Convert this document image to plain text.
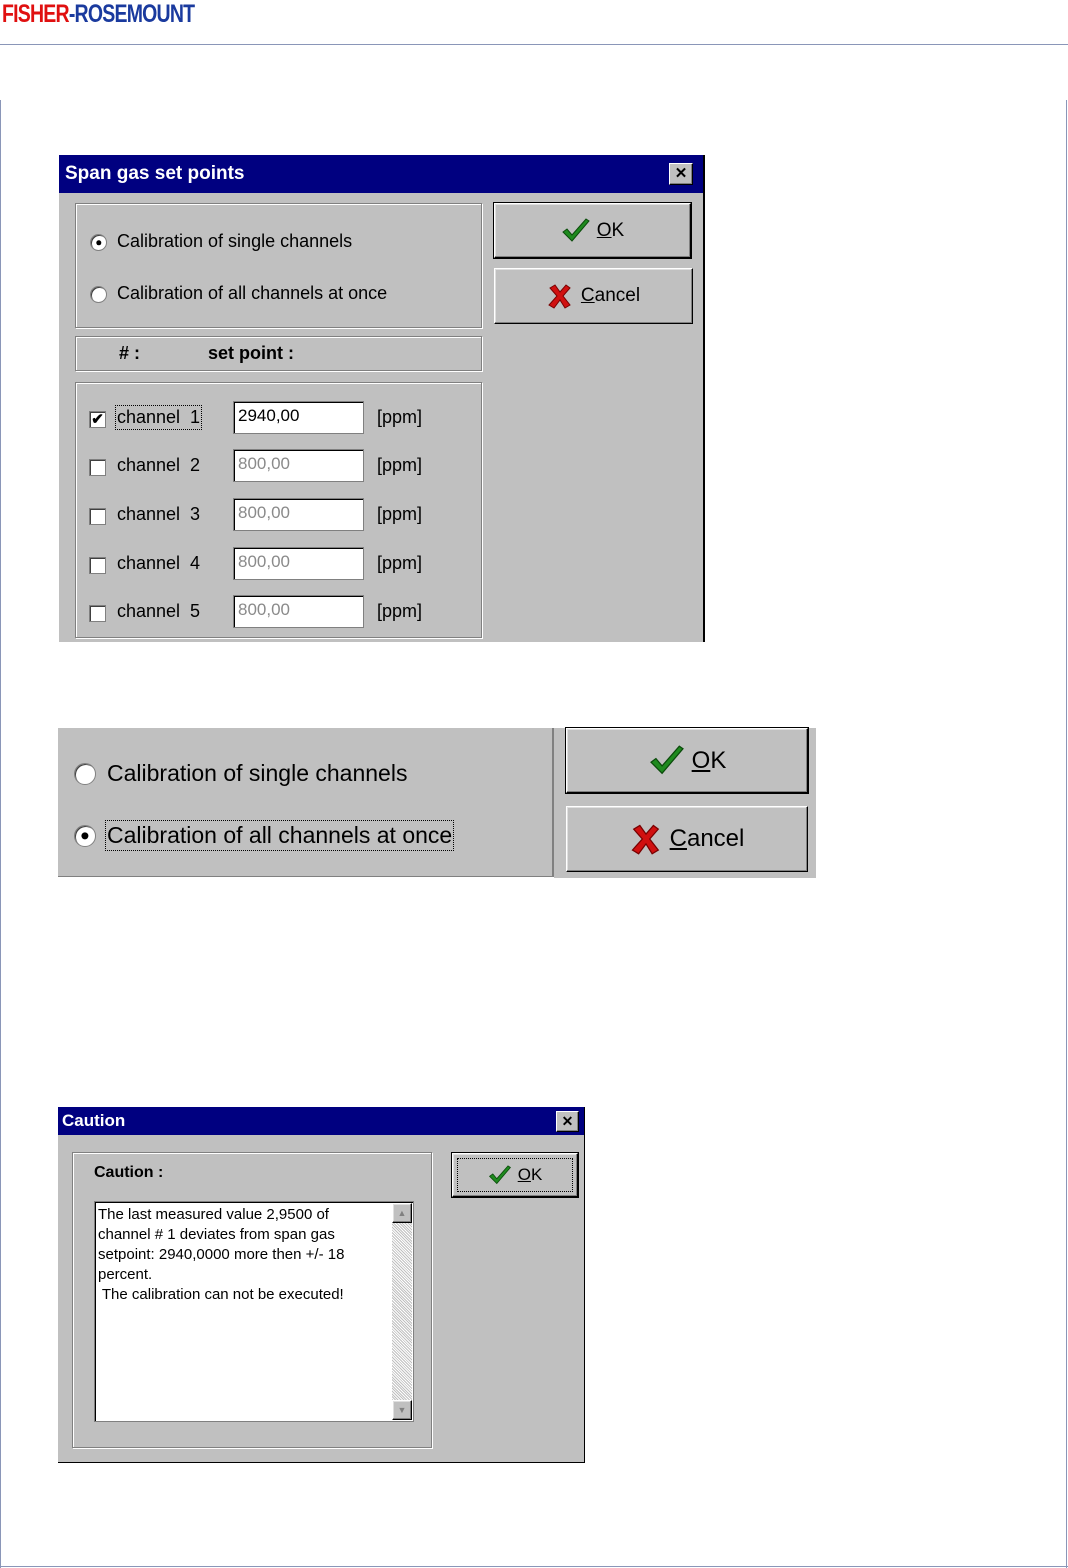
FISHER-ROSEMOUNT
Span gas set points	✕
Calibration of single channels
Calibration of all channels at once
# :	set point :
✔ channel  1 2940,00	[ppm]
channel  2 800,00	[ppm]
channel  3 800,00	[ppm]
channel  4 800,00	[ppm]
channel  5 800,00	[ppm]
OK
Cancel
Calibration of single channels
Calibration of all channels at once
OK
Cancel
Caution	✕
Caution :
The last measured value 2,9500 of
channel # 1 deviates from span gas
setpoint: 2940,0000 more then +/- 18
percent.
The calibration can not be executed!
▲
▼
OK
